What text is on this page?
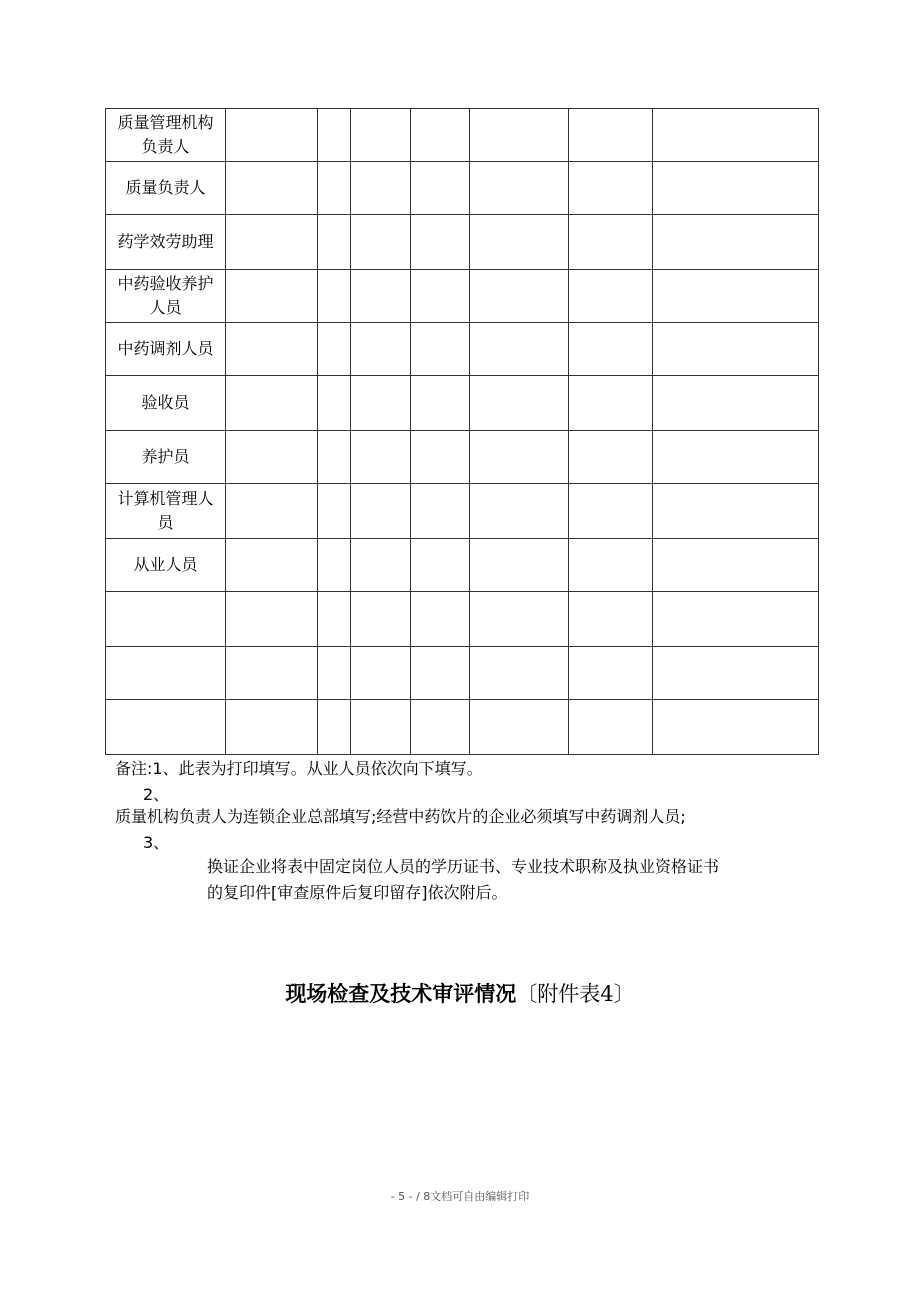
质量管理机构负责人							
质量负责人							
药学效劳助理							
中药验收养护人员							
中药调剂人员							
验收员							
养护员							
计算机管理人员							
从业人员							

备注:1、此表为打印填写。从业人员依次向下填写。
2、
质量机构负责人为连锁企业总部填写;经营中药饮片的企业必须填写中药调剂人员;
3、
换证企业将表中固定岗位人员的学历证书、专业技术职称及执业资格证书
的复印件[审查原件后复印留存]依次附后。
现场检查及技术审评情况〔附件表4〕
- 5 - / 8文档可自由编辑打印
